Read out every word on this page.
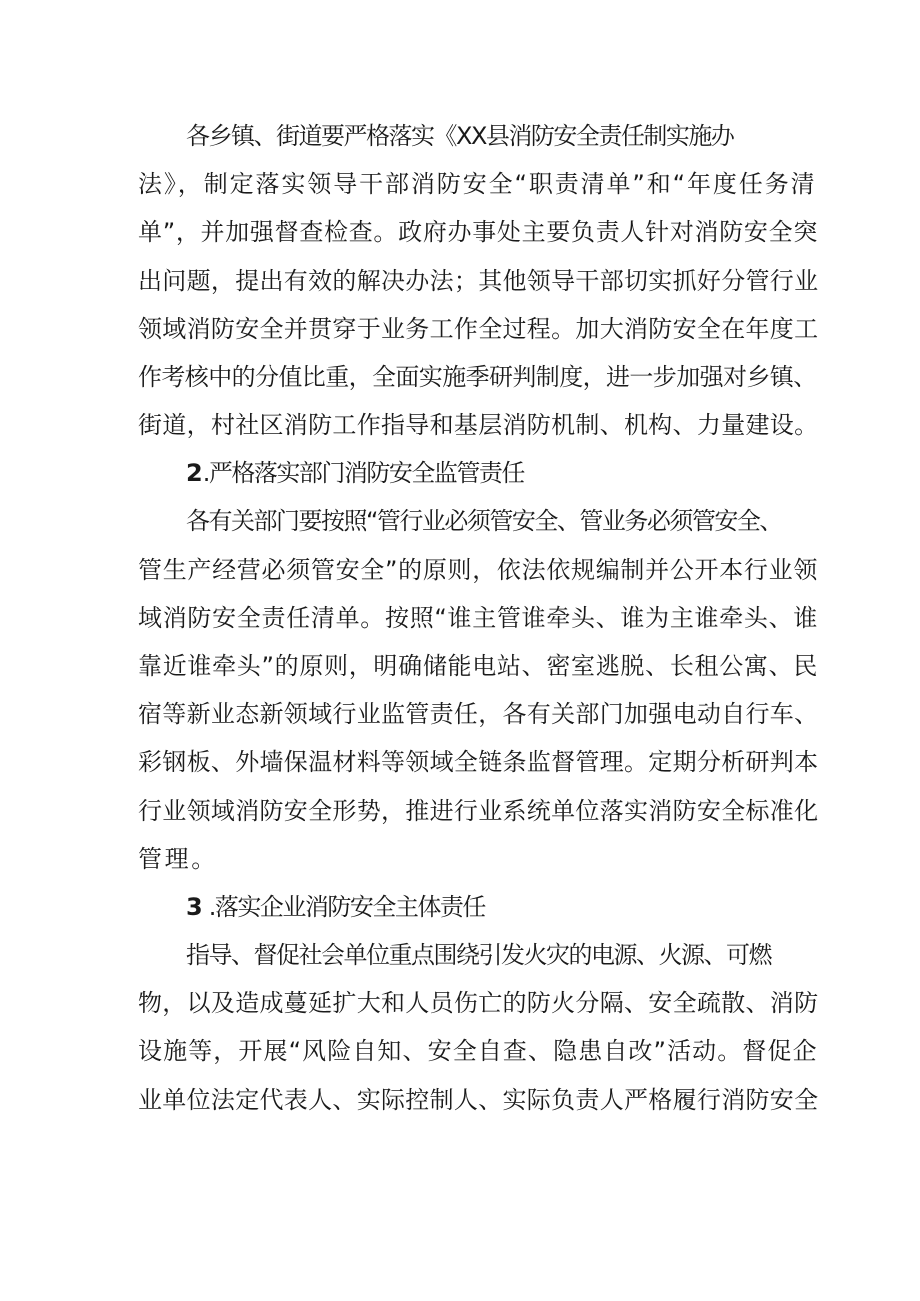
各乡镇、街道要严格落实《XX县消防安全责任制实施办
法》，制定落实领导干部消防安全“职责清单”和“年度任务清
单”，并加强督查检查。政府办事处主要负责人针对消防安全突
出问题，提出有效的解决办法；其他领导干部切实抓好分管行业
领域消防安全并贯穿于业务工作全过程。加大消防安全在年度工
作考核中的分值比重，全面实施季研判制度，进一步加强对乡镇、
街道，村社区消防工作指导和基层消防机制、机构、力量建设。
2.严格落实部门消防安全监管责任
各有关部门要按照“管行业必须管安全、管业务必须管安全、
管生产经营必须管安全”的原则，依法依规编制并公开本行业领
域消防安全责任清单。按照“谁主管谁牵头、谁为主谁牵头、谁
靠近谁牵头”的原则，明确储能电站、密室逃脱、长租公寓、民
宿等新业态新领域行业监管责任，各有关部门加强电动自行车、
彩钢板、外墙保温材料等领域全链条监督管理。定期分析研判本
行业领域消防安全形势，推进行业系统单位落实消防安全标准化
管理。
3.落实企业消防安全主体责任
指导、督促社会单位重点围绕引发火灾的电源、火源、可燃
物，以及造成蔓延扩大和人员伤亡的防火分隔、安全疏散、消防
设施等，开展“风险自知、安全自查、隐患自改”活动。督促企
业单位法定代表人、实际控制人、实际负责人严格履行消防安全
